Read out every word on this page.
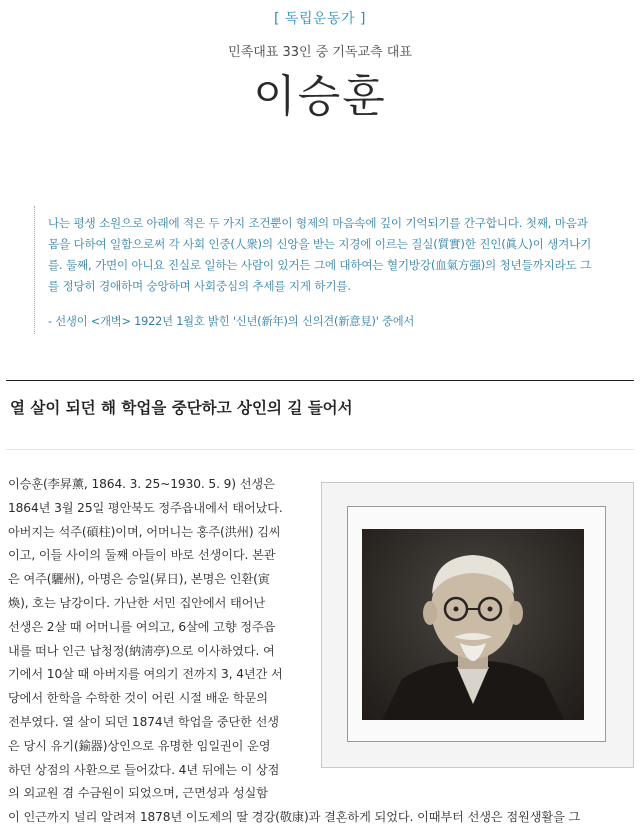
[ 독립운동가 ]
민족대표 33인 중 기독교측 대표
이승훈
나는 평생 소원으로 아래에 적은 두 가지 조건뿐이 형제의 마음속에 깊이 기억되기를 간구합니다. 첫째, 마음과
몸을 다하여 일함으로써 각 사회 인중(人衆)의 신앙을 받는 지경에 이르는 질실(質實)한 진인(眞人)이 생겨나기
를. 둘째, 가면이 아니요 진실로 일하는 사람이 있거든 그에 대하여는 혈기방강(血氣方强)의 청년들까지라도 그
를 정당히 경애하며 숭앙하며 사회중심의 추세를 지게 하기를.
- 선생이 <개벽> 1922년 1월호 밝힌 '신년(新年)의 신의견(新意見)' 중에서
열 살이 되던 해 학업을 중단하고 상인의 길 들어서
이승훈(李昇薰, 1864. 3. 25~1930. 5. 9) 선생은
1864년 3월 25일 평안북도 정주읍내에서 태어났다.
아버지는 석주(碩柱)이며, 어머니는 홍주(洪州) 김씨
이고, 이들 사이의 둘째 아들이 바로 선생이다. 본관
은 여주(驪州), 아명은 승일(昇日), 본명은 인환(寅
煥), 호는 남강이다. 가난한 서민 집안에서 태어난
선생은 2살 때 어머니를 여의고, 6살에 고향 정주읍
내를 떠나 인근 납청정(納淸亭)으로 이사하였다. 여
기에서 10살 때 아버지를 여의기 전까지 3, 4년간 서
당에서 한학을 수학한 것이 어린 시절 배운 학문의
전부였다. 열 살이 되던 1874년 학업을 중단한 선생
은 당시 유기(鍮器)상인으로 유명한 임일권이 운영
하던 상점의 사환으로 들어갔다. 4년 뒤에는 이 상점
의 외교원 겸 수금원이 되었으며, 근면성과 성실함
이 인근까지 널리 알려져 1878년 이도제의 딸 경강(敬康)과 결혼하게 되었다. 이때부터 선생은 점원생활을 그
